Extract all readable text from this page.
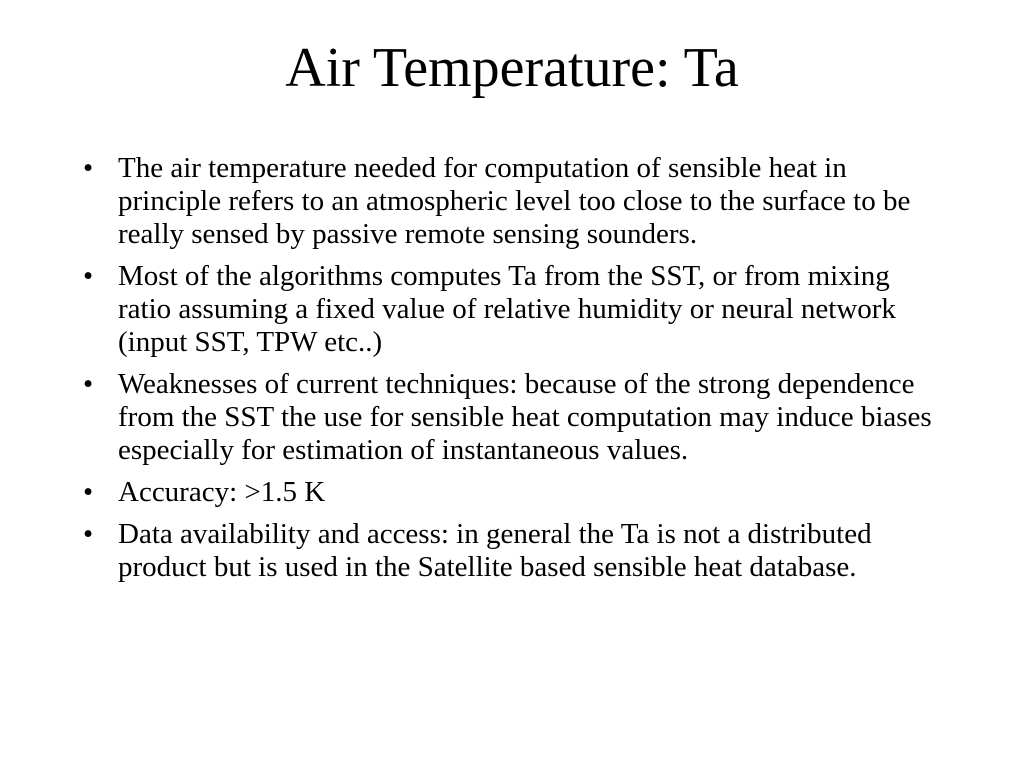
Air Temperature: Ta
• The air temperature needed for computation of sensible heat in principle refers to an atmospheric level too close to the surface to be really sensed by passive remote sensing sounders.
• Most of the algorithms computes Ta from the SST, or from mixing ratio assuming a fixed value of relative humidity or neural network (input SST, TPW etc..)
• Weaknesses of current techniques: because of the strong dependence from the SST the use for sensible heat computation may induce biases especially for estimation of instantaneous values.
• Accuracy: >1.5 K
• Data availability and access: in general the Ta is not a distributed product but is used in the Satellite based sensible heat database.
